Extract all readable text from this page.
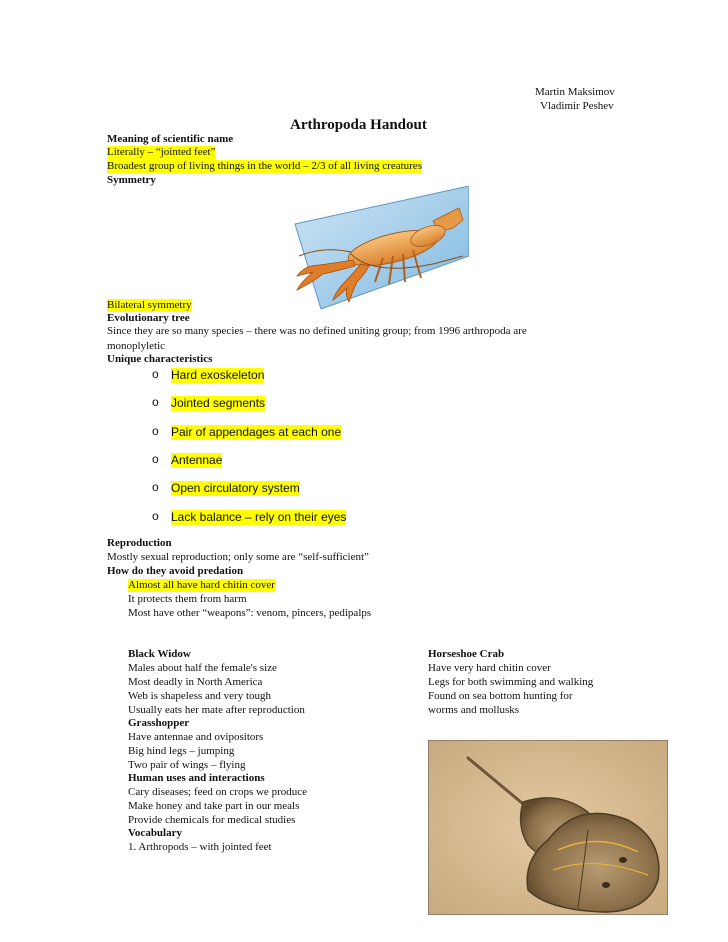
Martin Maksimov
Vladimir Peshev
Arthropoda Handout
Meaning of scientific name
Literally – “jointed feet”
Broadest group of living things in the world – 2/3 of all living creatures
Symmetry
Bilateral symmetry
Evolutionary tree
Since they are so many species – there was no defined uniting group; from 1996 arthropoda are
monoplyletic
Unique characteristics
o Hard exoskeleton
o Jointed segments
o Pair of appendages at each one
o Antennae
o Open circulatory system
o Lack balance – rely on their eyes
Reproduction
Mostly sexual reproduction; only some are “self-sufficient”
How do they avoid predation
Almost all have hard chitin cover
It protects them from harm
Most have other “weapons”: venom, pincers, pedipalps
Black Widow
Males about half the female's size
Most deadly in North America
Web is shapeless and very tough
Usually eats her mate after reproduction
Grasshopper
Have antennae and ovipositors
Big hind legs – jumping
Two pair of wings – flying
Human uses and interactions
Cary diseases; feed on crops we produce
Make honey and take part in our meals
Provide chemicals for medical studies
Vocabulary
1. Arthropods – with jointed feet
Horseshoe Crab
Have very hard chitin cover
Legs for both swimming and walking
Found on sea bottom hunting for
worms and mollusks
